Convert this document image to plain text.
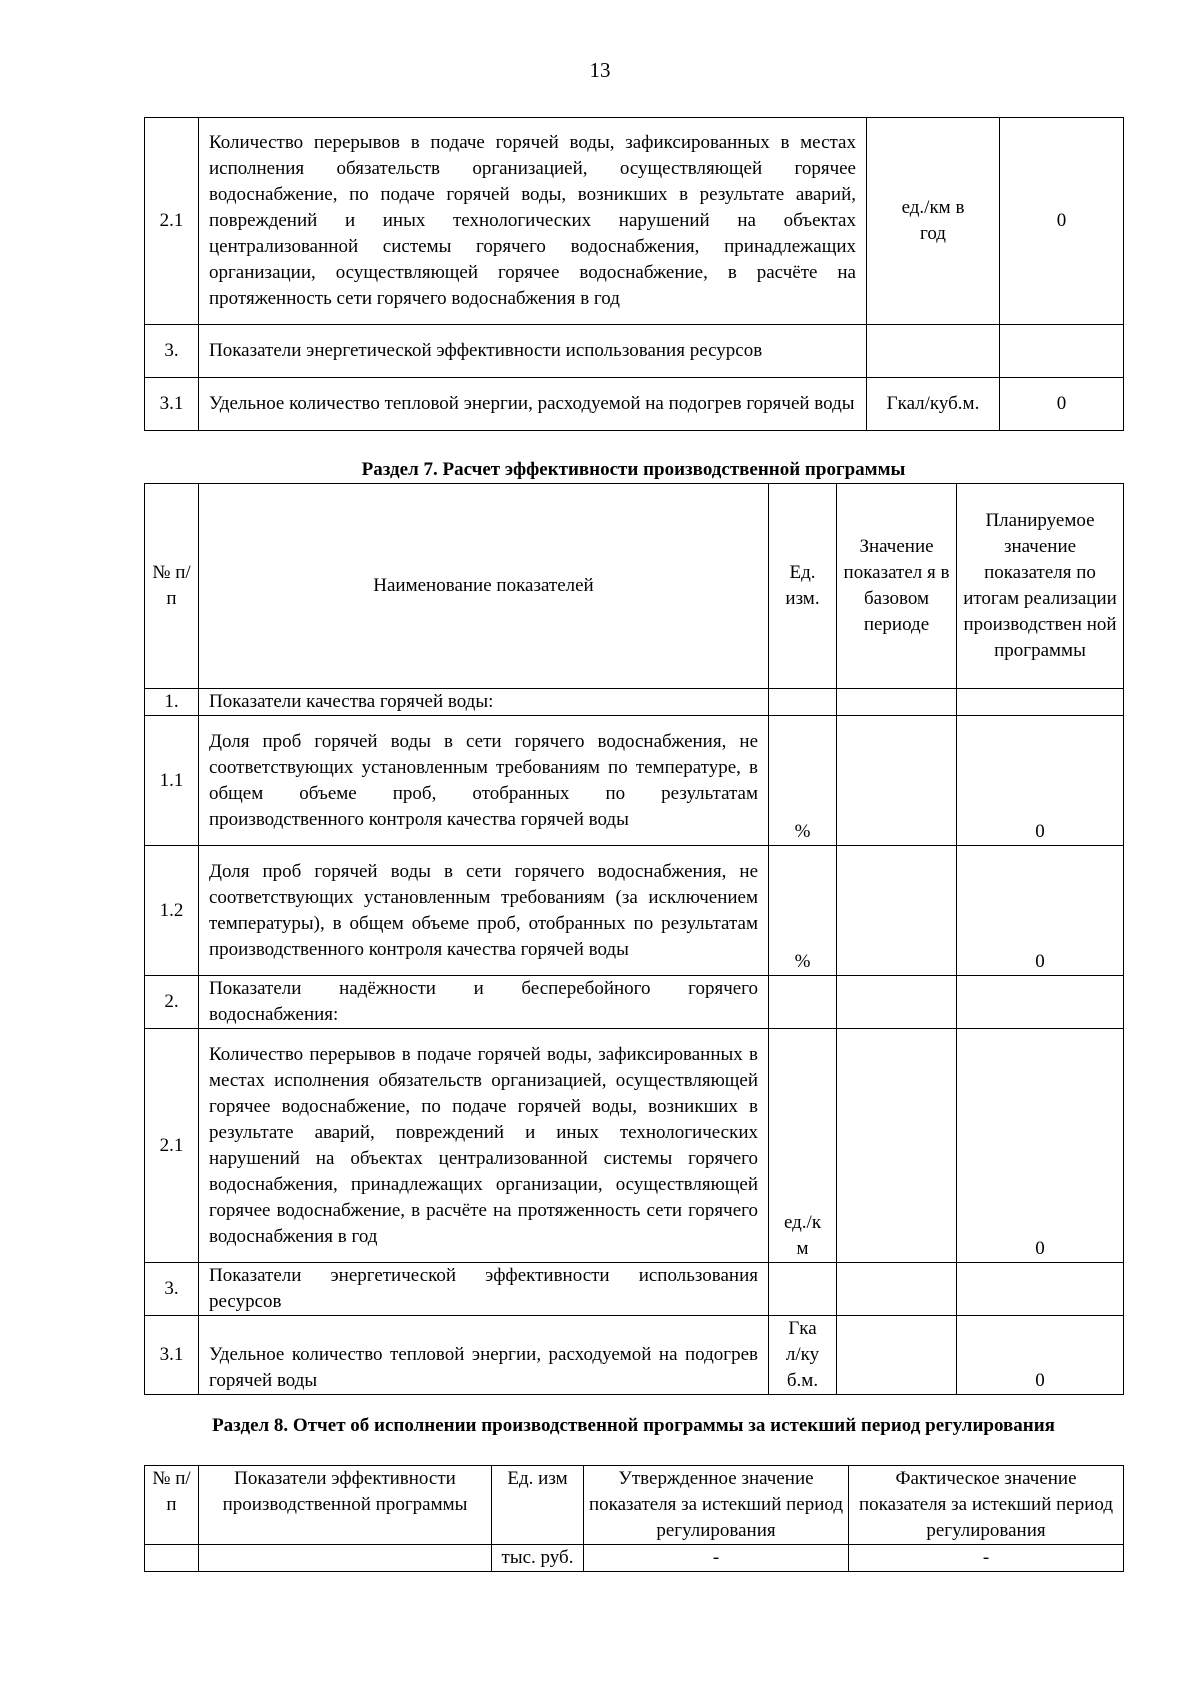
13
2.1	Количество перерывов в подаче горячей воды, зафиксированных в местах исполнения обязательств организацией, осуществляющей горячее водоснабжение, по подаче горячей воды, возникших в результате аварий, повреждений и иных технологических нарушений на объектах централизованной системы горячего водоснабжения, принадлежащих организации, осуществляющей горячее водоснабжение, в расчёте на протяженность сети горячего водоснабжения в год	ед./км в год	0
3.	Показатели энергетической эффективности использования ресурсов		
3.1	Удельное количество тепловой энергии, расходуемой на подогрев горячей воды	Гкал/куб.м.	0
Раздел 7. Расчет эффективности производственной программы
№ п/п	Наименование показателей	Ед. изм.	Значение показател я в базовом периоде	Планируемое значение показателя по итогам реализации производствен ной программы
1.	Показатели качества горячей воды:			
1.1	Доля проб горячей воды в сети горячего водоснабжения, не соответствующих установленным требованиям по температуре, в общем объеме проб, отобранных по результатам производственного контроля качества горячей воды	%		0
1.2	Доля проб горячей воды в сети горячего водоснабжения, не соответствующих установленным требованиям (за исключением температуры), в общем объеме проб, отобранных по результатам производственного контроля качества горячей воды	%		0
2.	Показатели надёжности и бесперебойного горячего водоснабжения:			
2.1	Количество перерывов в подаче горячей воды, зафиксированных в местах исполнения обязательств организацией, осуществляющей горячее водоснабжение, по подаче горячей воды, возникших в результате аварий, повреждений и иных технологических нарушений на объектах централизованной системы горячего водоснабжения, принадлежащих организации, осуществляющей горячее водоснабжение, в расчёте на протяженность сети горячего водоснабжения в год	ед./к м		0
3.	Показатели энергетической эффективности использования ресурсов			
3.1	Удельное количество тепловой энергии, расходуемой на подогрев горячей воды	Гка л/ку б.м.		0
Раздел 8. Отчет об исполнении производственной программы за истекший период регулирования
№ п/п	Показатели эффективности производственной программы	Ед. изм	Утвержденное значение показателя за истекший период регулирования	Фактическое значение показателя за истекший период регулирования
		тыс. руб.	-	-
